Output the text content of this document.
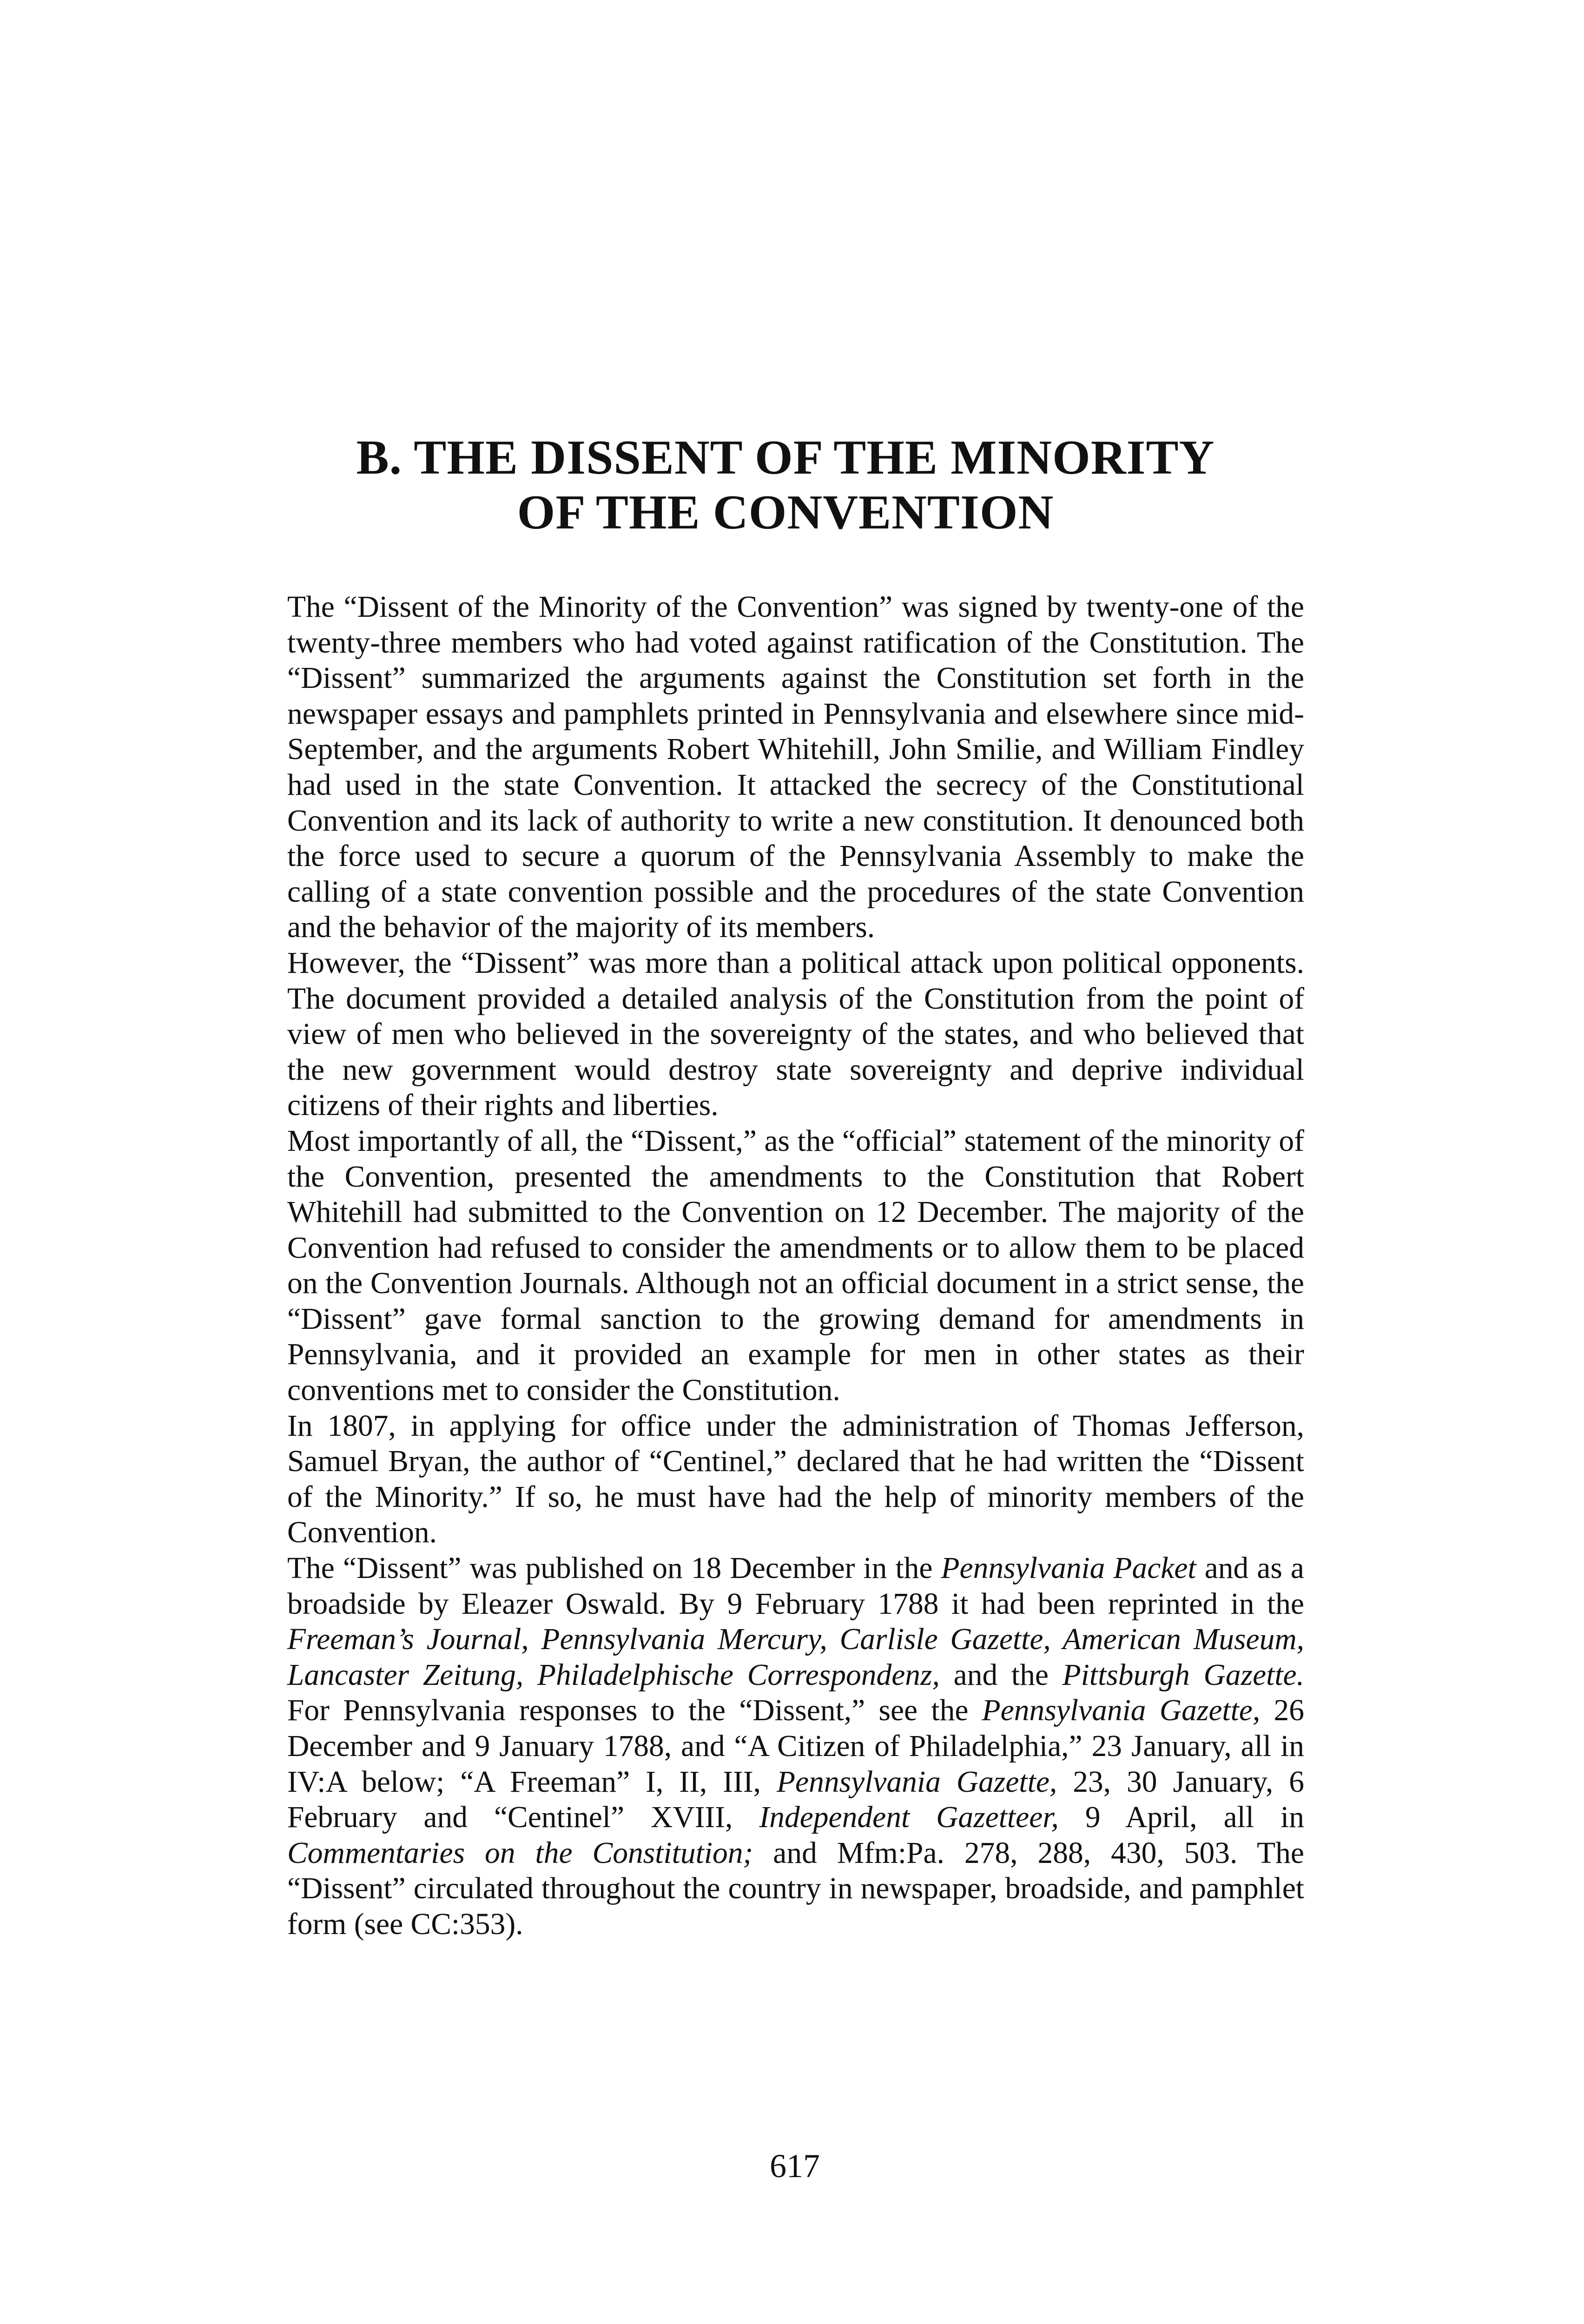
B. THE DISSENT OF THE MINORITY
OF THE CONVENTION

The “Dissent of the Minority of the Convention” was signed by twenty-one of the twenty-three members who had voted against ratification of the Constitution. The “Dissent” summarized the arguments against the Constitution set forth in the newspaper essays and pamphlets printed in Pennsylvania and elsewhere since mid-September, and the arguments Robert Whitehill, John Smilie, and William Findley had used in the state Convention. It attacked the secrecy of the Constitutional Convention and its lack of authority to write a new constitution. It denounced both the force used to secure a quorum of the Pennsylvania Assembly to make the calling of a state convention possible and the procedures of the state Convention and the behavior of the majority of its members.

However, the “Dissent” was more than a political attack upon political opponents. The document provided a detailed analysis of the Constitution from the point of view of men who believed in the sovereignty of the states, and who believed that the new government would destroy state sovereignty and deprive individual citizens of their rights and liberties.

Most importantly of all, the “Dissent,” as the “official” statement of the minority of the Convention, presented the amendments to the Constitution that Robert Whitehill had submitted to the Convention on 12 December. The majority of the Convention had refused to consider the amendments or to allow them to be placed on the Convention Journals. Although not an official document in a strict sense, the “Dissent” gave formal sanction to the growing demand for amendments in Pennsylvania, and it provided an example for men in other states as their conventions met to consider the Constitution.

In 1807, in applying for office under the administration of Thomas Jefferson, Samuel Bryan, the author of “Centinel,” declared that he had written the “Dissent of the Minority.” If so, he must have had the help of minority members of the Convention.

The “Dissent” was published on 18 December in the Pennsylvania Packet and as a broadside by Eleazer Oswald. By 9 February 1788 it had been reprinted in the Freeman’s Journal, Pennsylvania Mercury, Carlisle Gazette, American Museum, Lancaster Zeitung, Philadelphische Correspondenz, and the Pittsburgh Gazette. For Pennsylvania responses to the “Dissent,” see the Pennsylvania Gazette, 26 December and 9 January 1788, and “A Citizen of Philadelphia,” 23 January, all in IV:A below; “A Freeman” I, II, III, Pennsylvania Gazette, 23, 30 January, 6 February and “Centinel” XVIII, Independent Gazetteer, 9 April, all in Commentaries on the Constitution; and Mfm:Pa. 278, 288, 430, 503. The “Dissent” circulated throughout the country in newspaper, broadside, and pamphlet form (see CC:353).

617
